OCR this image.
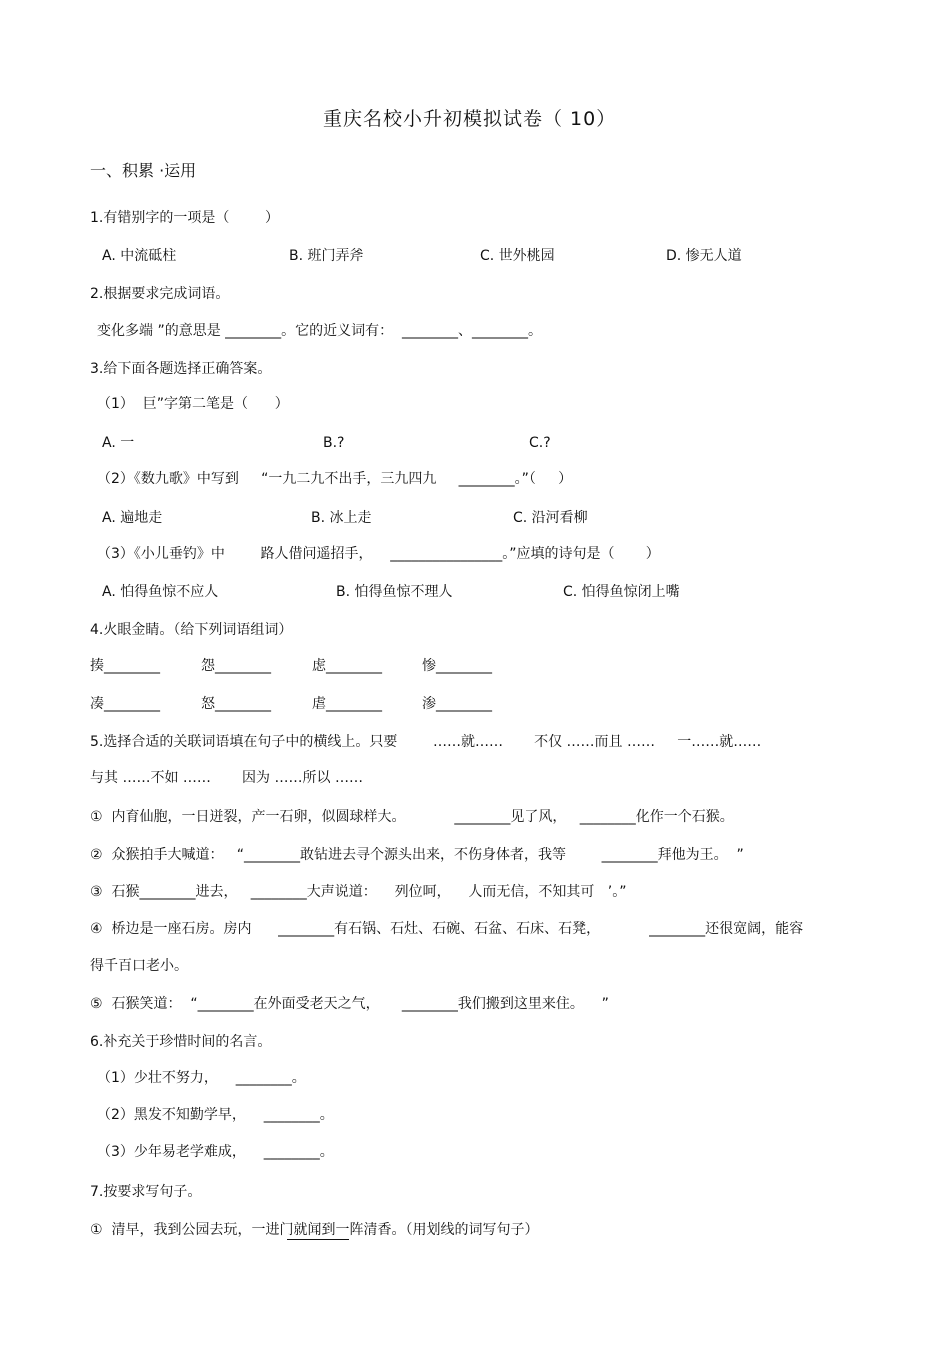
重庆名校小升初模拟试卷（ 10）
一、积累 ·运用
1.有错别字的一项是（        ）
A. 中流砥柱	B. 班门弄斧	C. 世外桃园	D. 惨无人道
2.根据要求完成词语。
变化多端 ”的意思是 ________。它的近义词有：  ________、________。
3.给下面各题选择正确答案。
（1）  巨”字第二笔是（      ）
A. 一	B.?	C.?
（2）《数九歌》中写到     “一九二九不出手，三九四九     ________。”（     ）
A. 遍地走	B. 冰上走	C. 沿河看柳
（3）《小儿垂钓》中        路人借问遥招手，    ________________。”应填的诗句是（       ）
A. 怕得鱼惊不应人	B. 怕得鱼惊不理人	C. 怕得鱼惊闭上嘴
4.火眼金睛。（给下列词语组词）
揍________	怨________	虑________	惨________
凑________	怒________	虐________	渗________
5.选择合适的关联词语填在句子中的横线上。只要        ……就……       不仅 ……而且 ……     一……就……
与其 ……不如 ……       因为 ……所以 ……
①  内育仙胞，一日迸裂，产一石卵，似圆球样大。           ________见了风，   ________化作一个石猴。
②  众猴拍手大喊道：   “________敢钻进去寻个源头出来，不伤身体者，我等        ________拜他为王。  ”
③  石猴________进去，   ________大声说道：    列位呵，    人而无信，不知其可   ’。”
④  桥边是一座石房。房内      ________有石锅、石灶、石碗、石盆、石床、石凳，           ________还很宽阔，能容
得千百口老小。
⑤  石猴笑道：  “________在外面受老天之气，     ________我们搬到这里来住。    ”
6.补充关于珍惜时间的名言。
（1）少壮不努力，    ________。
（2）黑发不知勤学早，    ________。
（3）少年易老学难成，    ________。
7.按要求写句子。
①  清早，我到公园去玩，一进门就闻到一阵清香。（用划线的词写句子）
